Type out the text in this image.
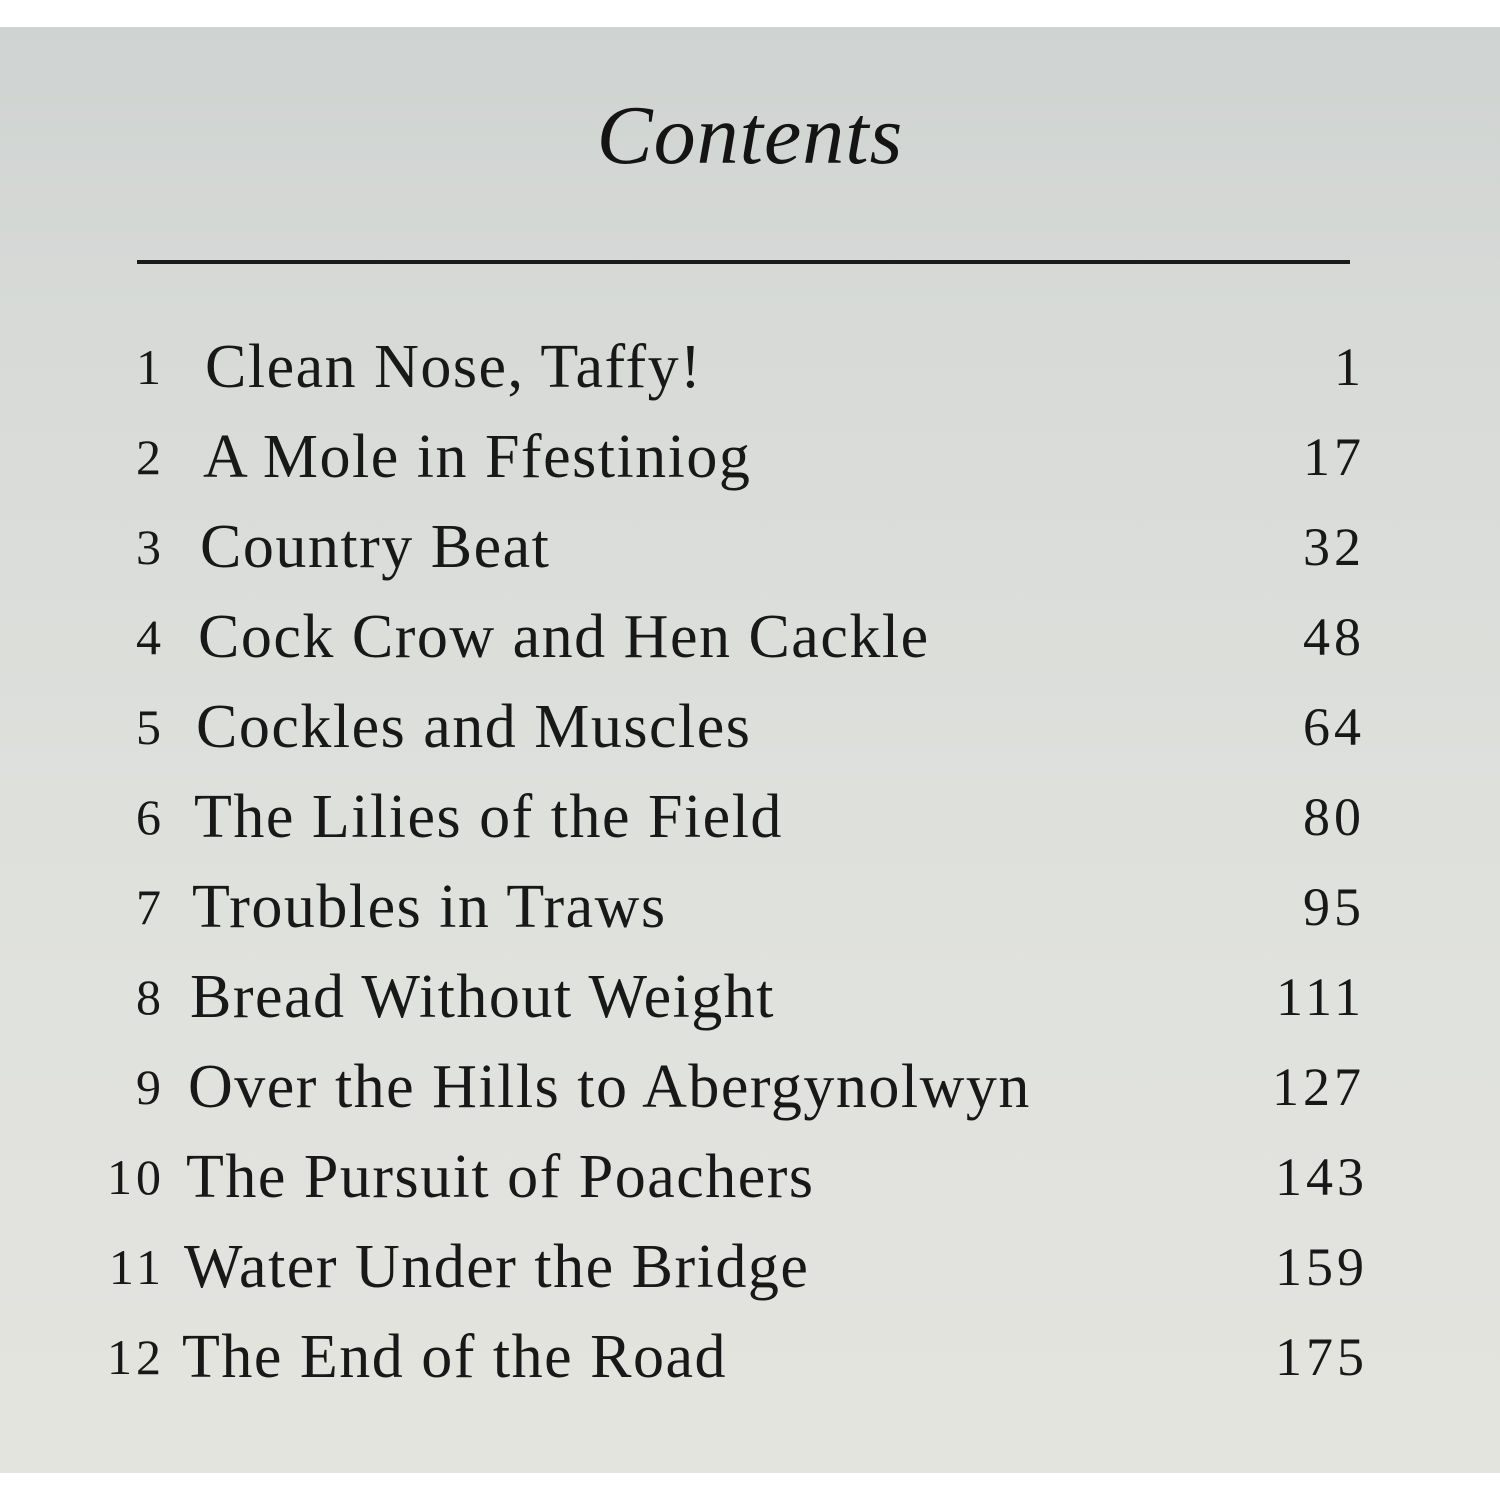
Contents
1 Clean Nose, Taffy!	1
2 A Mole in Ffestiniog	17
3 Country Beat	32
4 Cock Crow and Hen Cackle	48
5 Cockles and Muscles	64
6 The Lilies of the Field	80
7 Troubles in Traws	95
8 Bread Without Weight	111
9 Over the Hills to Abergynolwyn	127
10 The Pursuit of Poachers	143
11 Water Under the Bridge	159
12 The End of the Road	175
